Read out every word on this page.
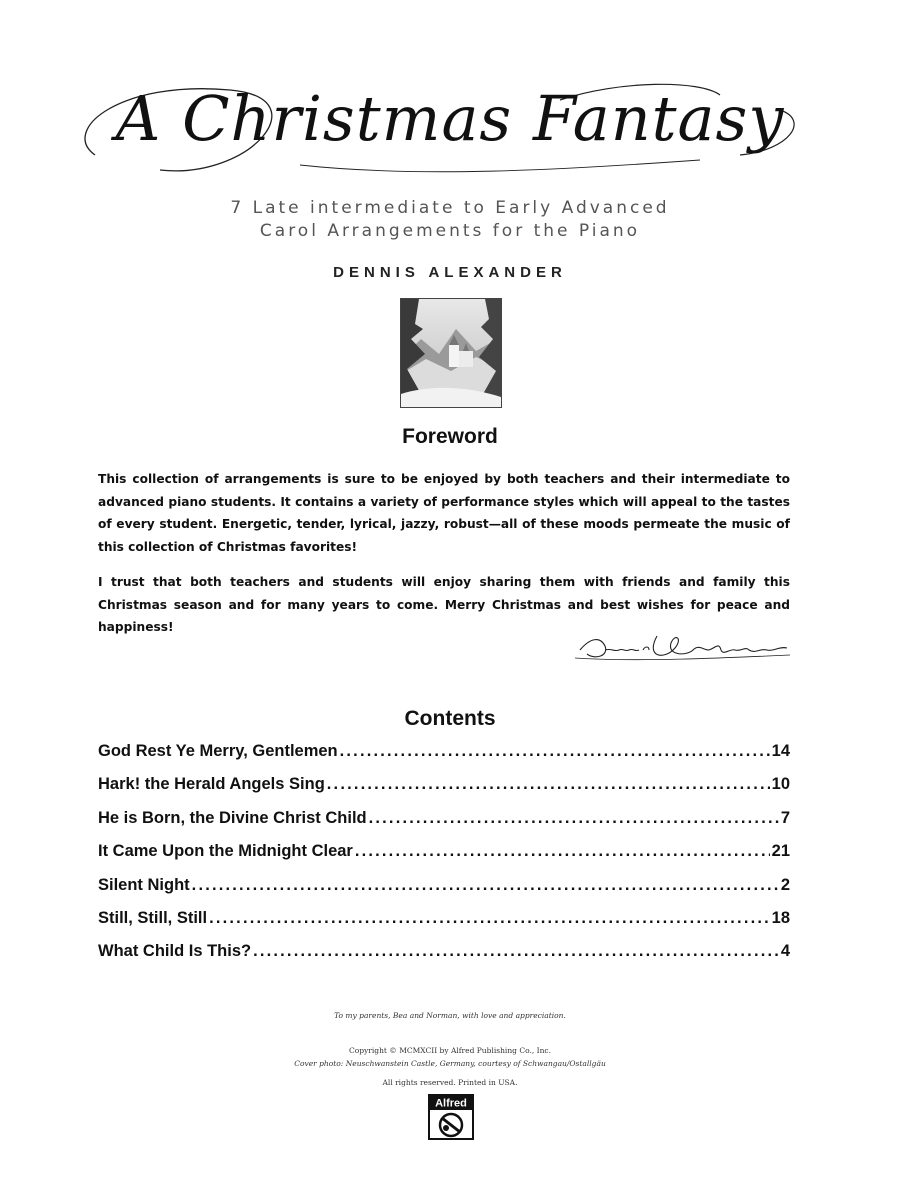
A Christmas Fantasy
7 Late intermediate to Early Advanced
Carol Arrangements for the Piano
DENNIS ALEXANDER
Foreword
This collection of arrangements is sure to be enjoyed by both teachers and their intermediate to advanced piano students. It contains a variety of performance styles which will appeal to the tastes of every student. Energetic, tender, lyrical, jazzy, robust—all of these moods permeate the music of this collection of Christmas favorites!
I trust that both teachers and students will enjoy sharing them with friends and family this Christmas season and for many years to come. Merry Christmas and best wishes for peace and happiness!
Contents
God Rest Ye Merry, Gentlemen . . .	14
Hark! the Herald Angels Sing . . .	10
He is Born, the Divine Christ Child . . .	7
It Came Upon the Midnight Clear . . .	21
Silent Night . . .	2
Still, Still, Still . . .	18
What Child Is This? . . .	4
To my parents, Bea and Norman, with love and appreciation.
Copyright © MCMXCII by Alfred Publishing Co., Inc.
Cover photo: Neuschwanstein Castle, Germany, courtesy of Schwangau/Ostallgäu
All rights reserved. Printed in USA.
Alfred
